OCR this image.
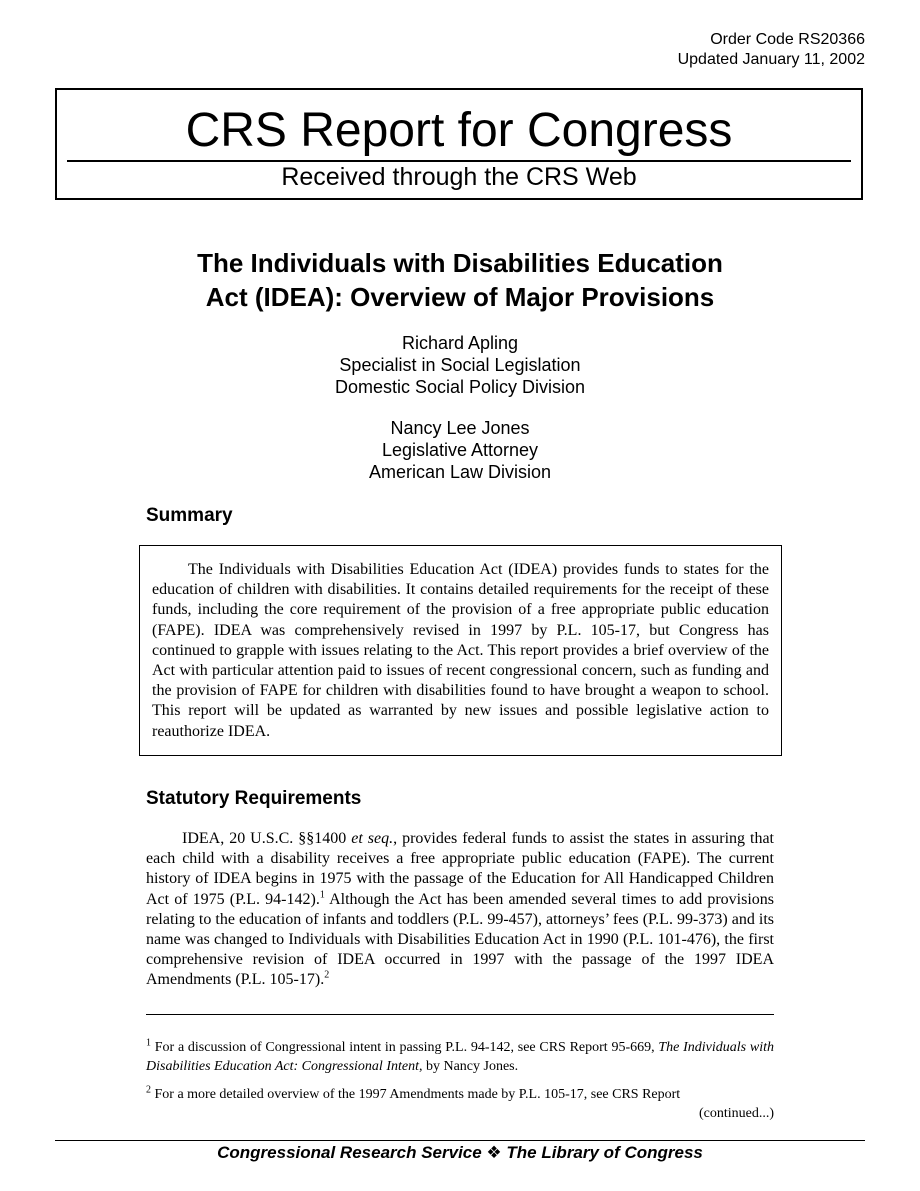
Order Code RS20366
Updated January 11, 2002
CRS Report for Congress
Received through the CRS Web
The Individuals with Disabilities Education
Act (IDEA): Overview of Major Provisions
Richard Apling
Specialist in Social Legislation
Domestic Social Policy Division
Nancy Lee Jones
Legislative Attorney
American Law Division
Summary

The Individuals with Disabilities Education Act (IDEA) provides funds to states for the education of children with disabilities. It contains detailed requirements for the receipt of these funds, including the core requirement of the provision of a free appropriate public education (FAPE). IDEA was comprehensively revised in 1997 by P.L. 105-17, but Congress has continued to grapple with issues relating to the Act. This report provides a brief overview of the Act with particular attention paid to issues of recent congressional concern, such as funding and the provision of FAPE for children with disabilities found to have brought a weapon to school. This report will be updated as warranted by new issues and possible legislative action to reauthorize IDEA.

Statutory Requirements

IDEA, 20 U.S.C. §§1400 et seq., provides federal funds to assist the states in assuring that each child with a disability receives a free appropriate public education (FAPE). The current history of IDEA begins in 1975 with the passage of the Education for All Handicapped Children Act of 1975 (P.L. 94-142).$^1$ Although the Act has been amended several times to add provisions relating to the education of infants and toddlers (P.L. 99-457), attorneys’ fees (P.L. 99-373) and its name was changed to Individuals with Disabilities Education Act in 1990 (P.L. 101-476), the first comprehensive revision of IDEA occurred in 1997 with the passage of the 1997 IDEA Amendments (P.L. 105-17).$^2$

$^1$ For a discussion of Congressional intent in passing P.L. 94-142, see CRS Report 95-669, The Individuals with Disabilities Education Act: Congressional Intent, by Nancy Jones.

$^2$ For a more detailed overview of the 1997 Amendments made by P.L. 105-17, see CRS Report

(continued...)
Congressional Research Service ❖ The Library of Congress
